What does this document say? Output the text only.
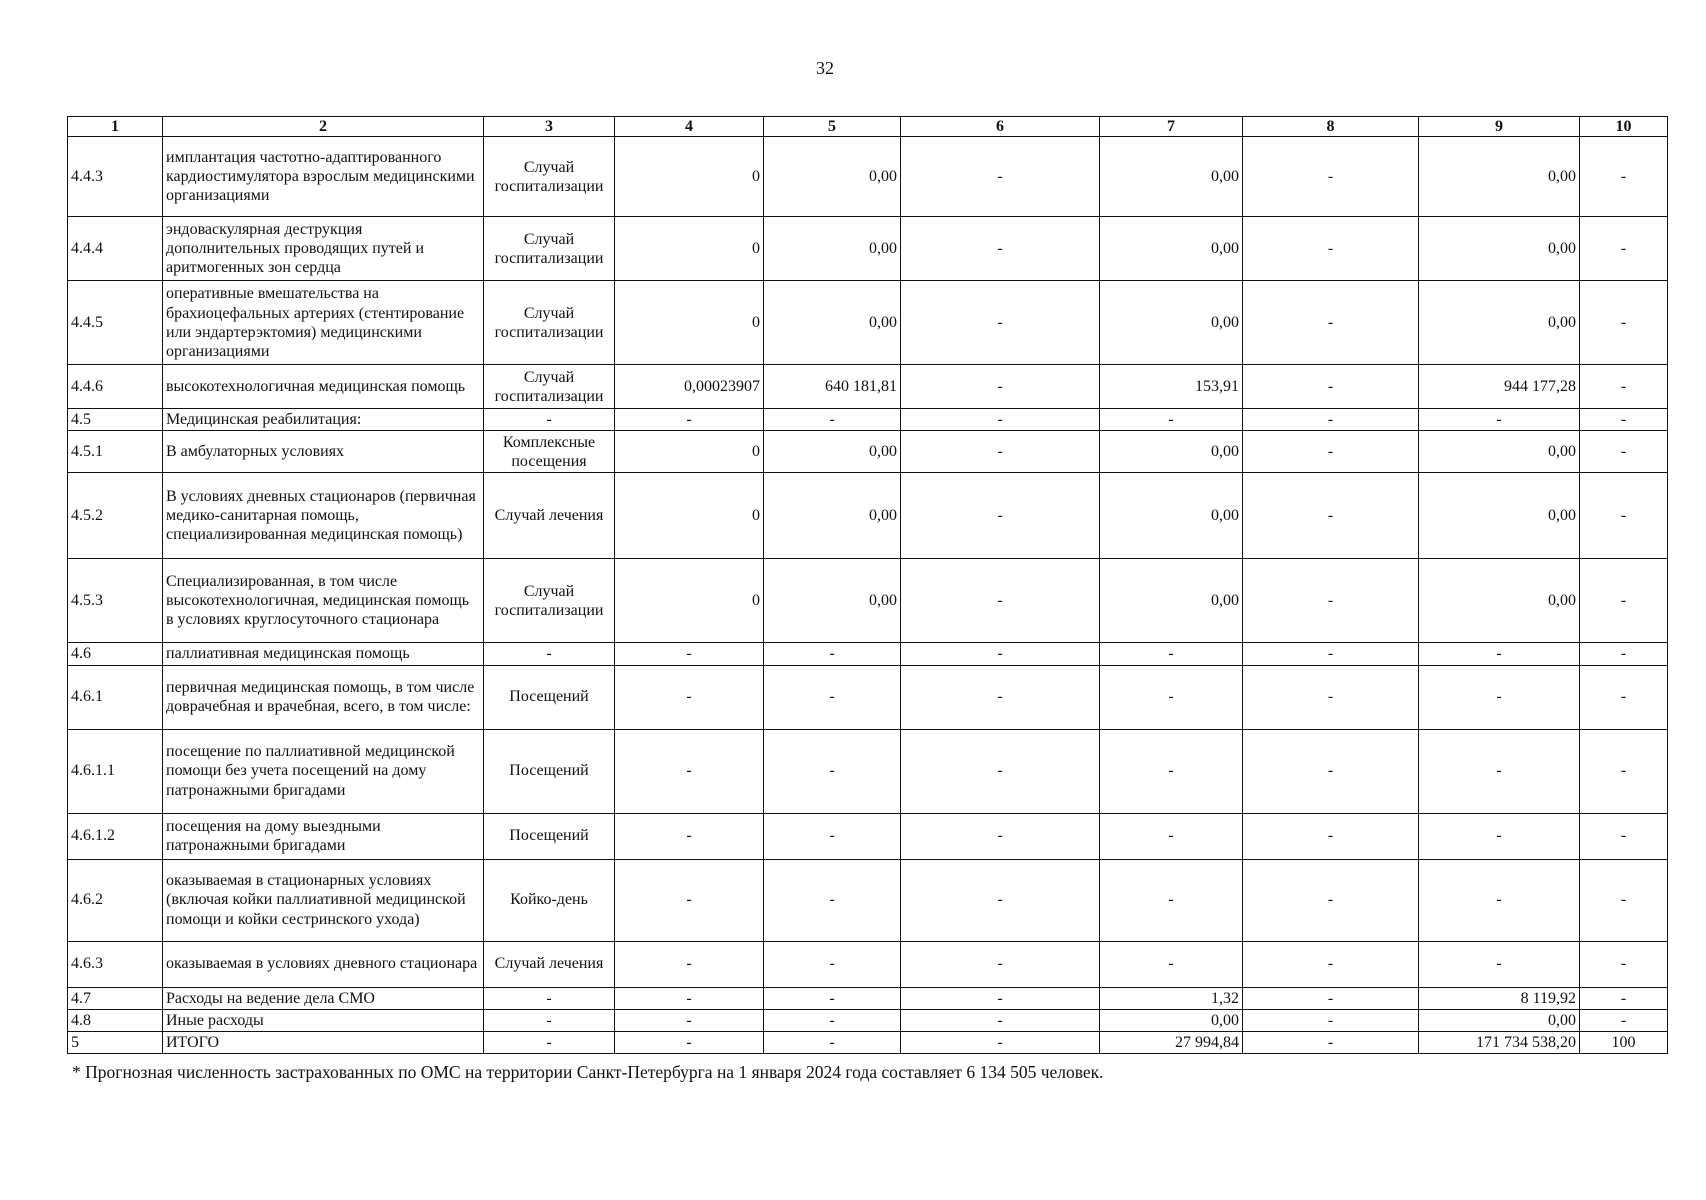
32
1	2	3	4	5	6	7	8	9	10
4.4.3	имплантация частотно-адаптированного кардиостимулятора взрослым медицинскими организациями	Случай госпитализации	0	0,00	-	0,00	-	0,00	-
4.4.4	эндоваскулярная деструкция дополнительных проводящих путей и аритмогенных зон сердца	Случай госпитализации	0	0,00	-	0,00	-	0,00	-
4.4.5	оперативные вмешательства на брахиоцефальных артериях (стентирование или эндартерэктомия) медицинскими организациями	Случай госпитализации	0	0,00	-	0,00	-	0,00	-
4.4.6	высокотехнологичная медицинская помощь	Случай госпитализации	0,00023907	640 181,81	-	153,91	-	944 177,28	-
4.5	Медицинская реабилитация:	-	-	-	-	-	-	-	-
4.5.1	В амбулаторных условиях	Комплексные посещения	0	0,00	-	0,00	-	0,00	-
4.5.2	В условиях дневных стационаров (первичная медико-санитарная помощь, специализированная медицинская помощь)	Случай лечения	0	0,00	-	0,00	-	0,00	-
4.5.3	Специализированная, в том числе высокотехнологичная, медицинская помощь в условиях круглосуточного стационара	Случай госпитализации	0	0,00	-	0,00	-	0,00	-
4.6	паллиативная медицинская помощь	-	-	-	-	-	-	-	-
4.6.1	первичная медицинская помощь, в том числе доврачебная и врачебная, всего, в том числе:	Посещений	-	-	-	-	-	-	-
4.6.1.1	посещение по паллиативной медицинской помощи без учета посещений на дому патронажными бригадами	Посещений	-	-	-	-	-	-	-
4.6.1.2	посещения на дому выездными патронажными бригадами	Посещений	-	-	-	-	-	-	-
4.6.2	оказываемая в стационарных условиях (включая койки паллиативной медицинской помощи и койки сестринского ухода)	Койко-день	-	-	-	-	-	-	-
4.6.3	оказываемая в условиях дневного стационара	Случай лечения	-	-	-	-	-	-	-
4.7	Расходы на ведение дела СМО	-	-	-	-	1,32	-	8 119,92	-
4.8	Иные расходы	-	-	-	-	0,00	-	0,00	-
5	ИТОГО	-	-	-	-	27 994,84	-	171 734 538,20	100
* Прогнозная численность застрахованных по ОМС на территории Санкт-Петербурга на 1 января 2024 года составляет 6 134 505 человек.
